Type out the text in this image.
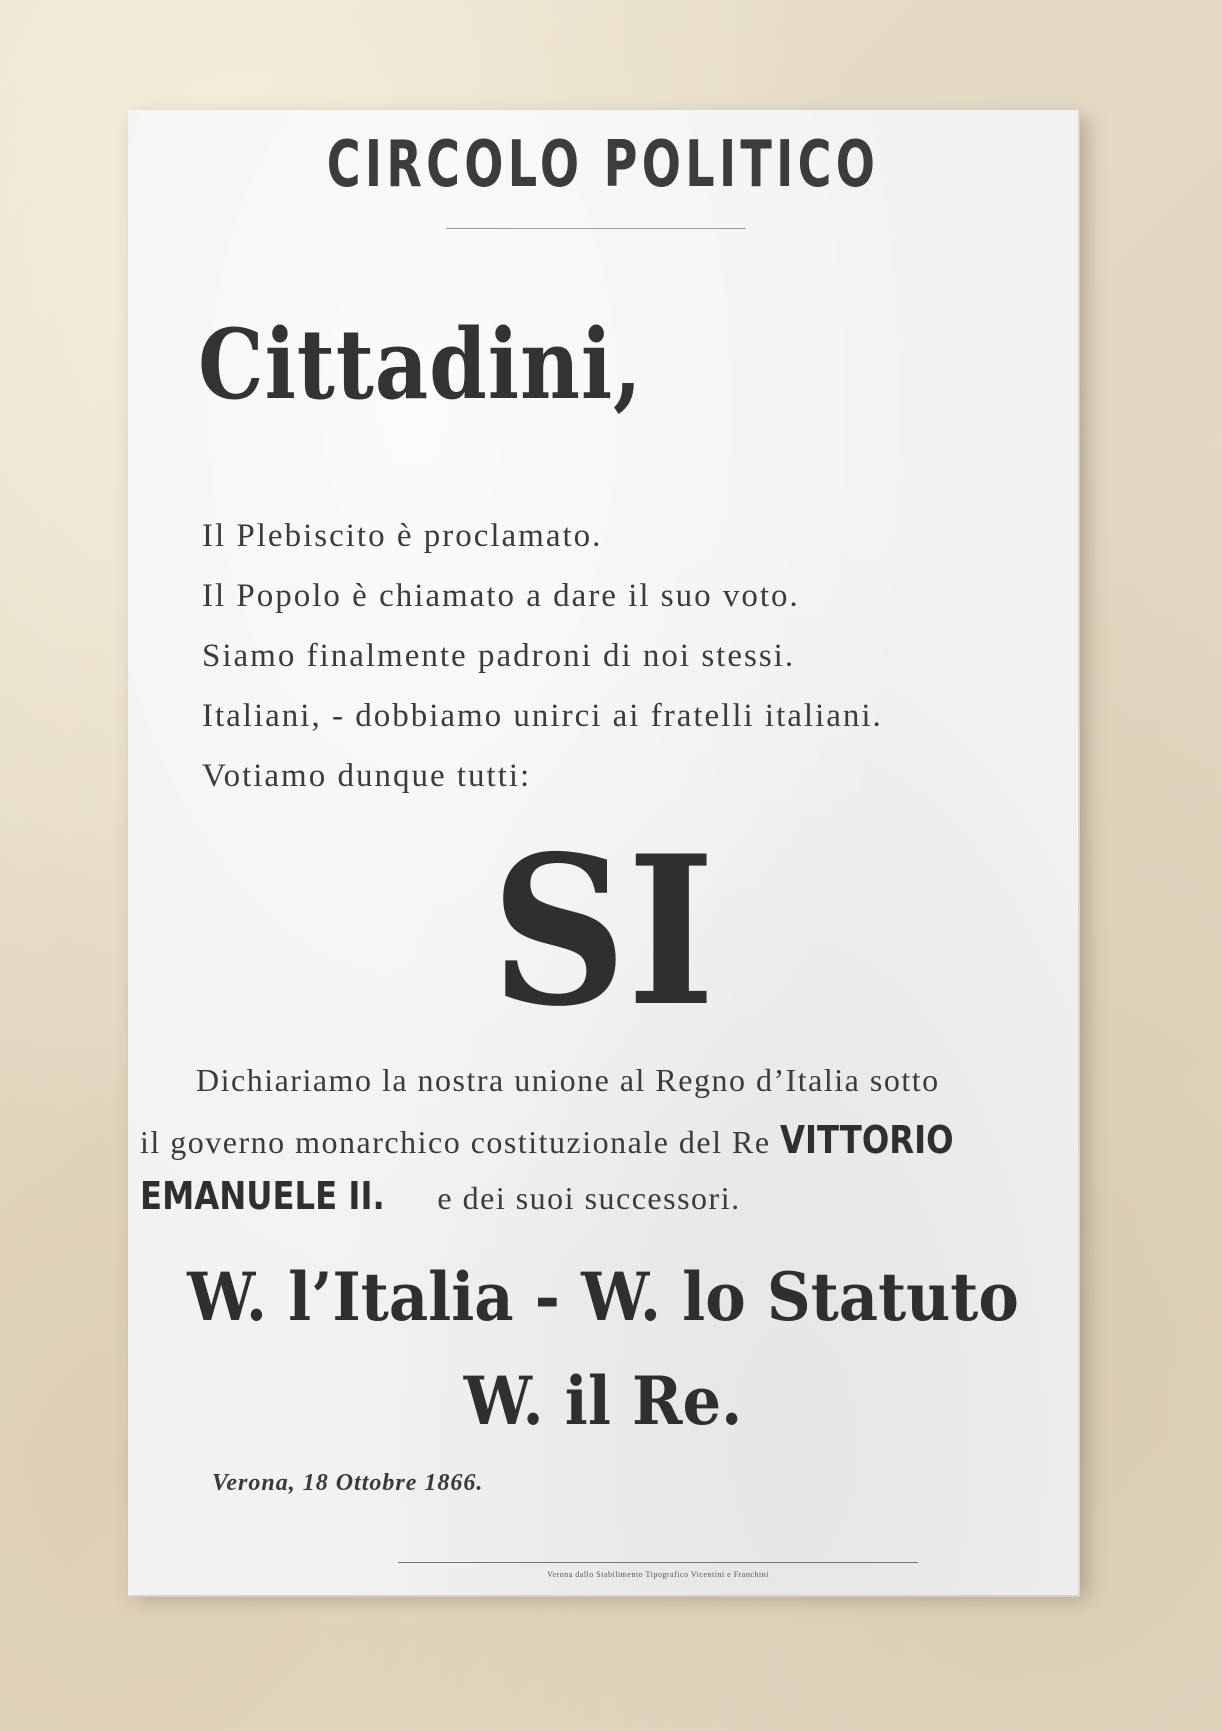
CIRCOLO POLITICO

Cittadini,

Il Plebiscito è proclamato.

Il Popolo è chiamato a dare il suo voto.

Siamo finalmente padroni di noi stessi.

Italiani, - dobbiamo unirci ai fratelli italiani.

Votiamo dunque tutti:

SI

Dichiariamo la nostra unione al Regno d’Italia sotto

il governo monarchico costituzionale del Re VITTORIO

EMANUELE II. e dei suoi successori.

W. l’Italia - W. lo Statuto

W. il Re.

Verona, 18 Ottobre 1866.

Verona dallo Stabilimento Tipografico Vicentini e Franchini
